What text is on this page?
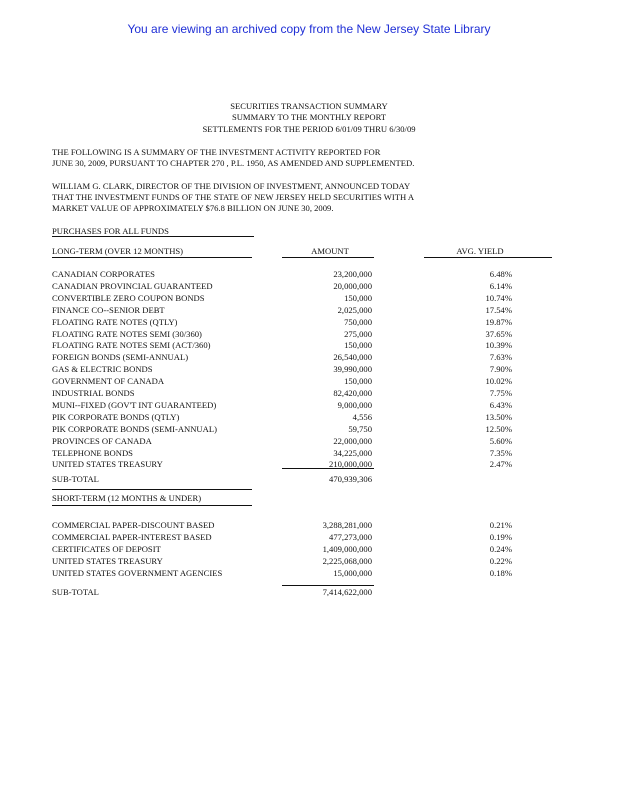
You are viewing an archived copy from the New Jersey State Library
SECURITIES TRANSACTION SUMMARY
SUMMARY TO THE MONTHLY REPORT
SETTLEMENTS FOR THE PERIOD 6/01/09 THRU 6/30/09
THE FOLLOWING IS A SUMMARY OF THE INVESTMENT ACTIVITY REPORTED FOR
JUNE 30, 2009, PURSUANT TO CHAPTER 270 , P.L. 1950, AS AMENDED AND SUPPLEMENTED.
WILLIAM G. CLARK, DIRECTOR OF THE DIVISION OF INVESTMENT, ANNOUNCED TODAY
THAT THE INVESTMENT FUNDS OF THE STATE OF NEW JERSEY HELD SECURITIES WITH A
MARKET VALUE OF APPROXIMATELY $76.8 BILLION ON JUNE 30, 2009.
PURCHASES FOR ALL FUNDS
LONG-TERM (OVER 12 MONTHS)	AMOUNT	AVG. YIELD
CANADIAN CORPORATES	23,200,000	6.48%
CANADIAN PROVINCIAL GUARANTEED	20,000,000	6.14%
CONVERTIBLE ZERO COUPON BONDS	150,000	10.74%
FINANCE CO--SENIOR DEBT	2,025,000	17.54%
FLOATING RATE NOTES (QTLY)	750,000	19.87%
FLOATING RATE NOTES SEMI (30/360)	275,000	37.65%
FLOATING RATE NOTES SEMI (ACT/360)	150,000	10.39%
FOREIGN BONDS (SEMI-ANNUAL)	26,540,000	7.63%
GAS & ELECTRIC BONDS	39,990,000	7.90%
GOVERNMENT OF CANADA	150,000	10.02%
INDUSTRIAL BONDS	82,420,000	7.75%
MUNI--FIXED (GOV'T INT GUARANTEED)	9,000,000	6.43%
PIK CORPORATE BONDS (QTLY)	4,556	13.50%
PIK CORPORATE BONDS (SEMI-ANNUAL)	59,750	12.50%
PROVINCES OF CANADA	22,000,000	5.60%
TELEPHONE BONDS	34,225,000	7.35%
UNITED STATES TREASURY	210,000,000	2.47%
SUB-TOTAL	470,939,306
SHORT-TERM (12 MONTHS & UNDER)
COMMERCIAL PAPER-DISCOUNT BASED	3,288,281,000	0.21%
COMMERCIAL PAPER-INTEREST BASED	477,273,000	0.19%
CERTIFICATES OF DEPOSIT	1,409,000,000	0.24%
UNITED STATES TREASURY	2,225,068,000	0.22%
UNITED STATES GOVERNMENT AGENCIES	15,000,000	0.18%
SUB-TOTAL	7,414,622,000
